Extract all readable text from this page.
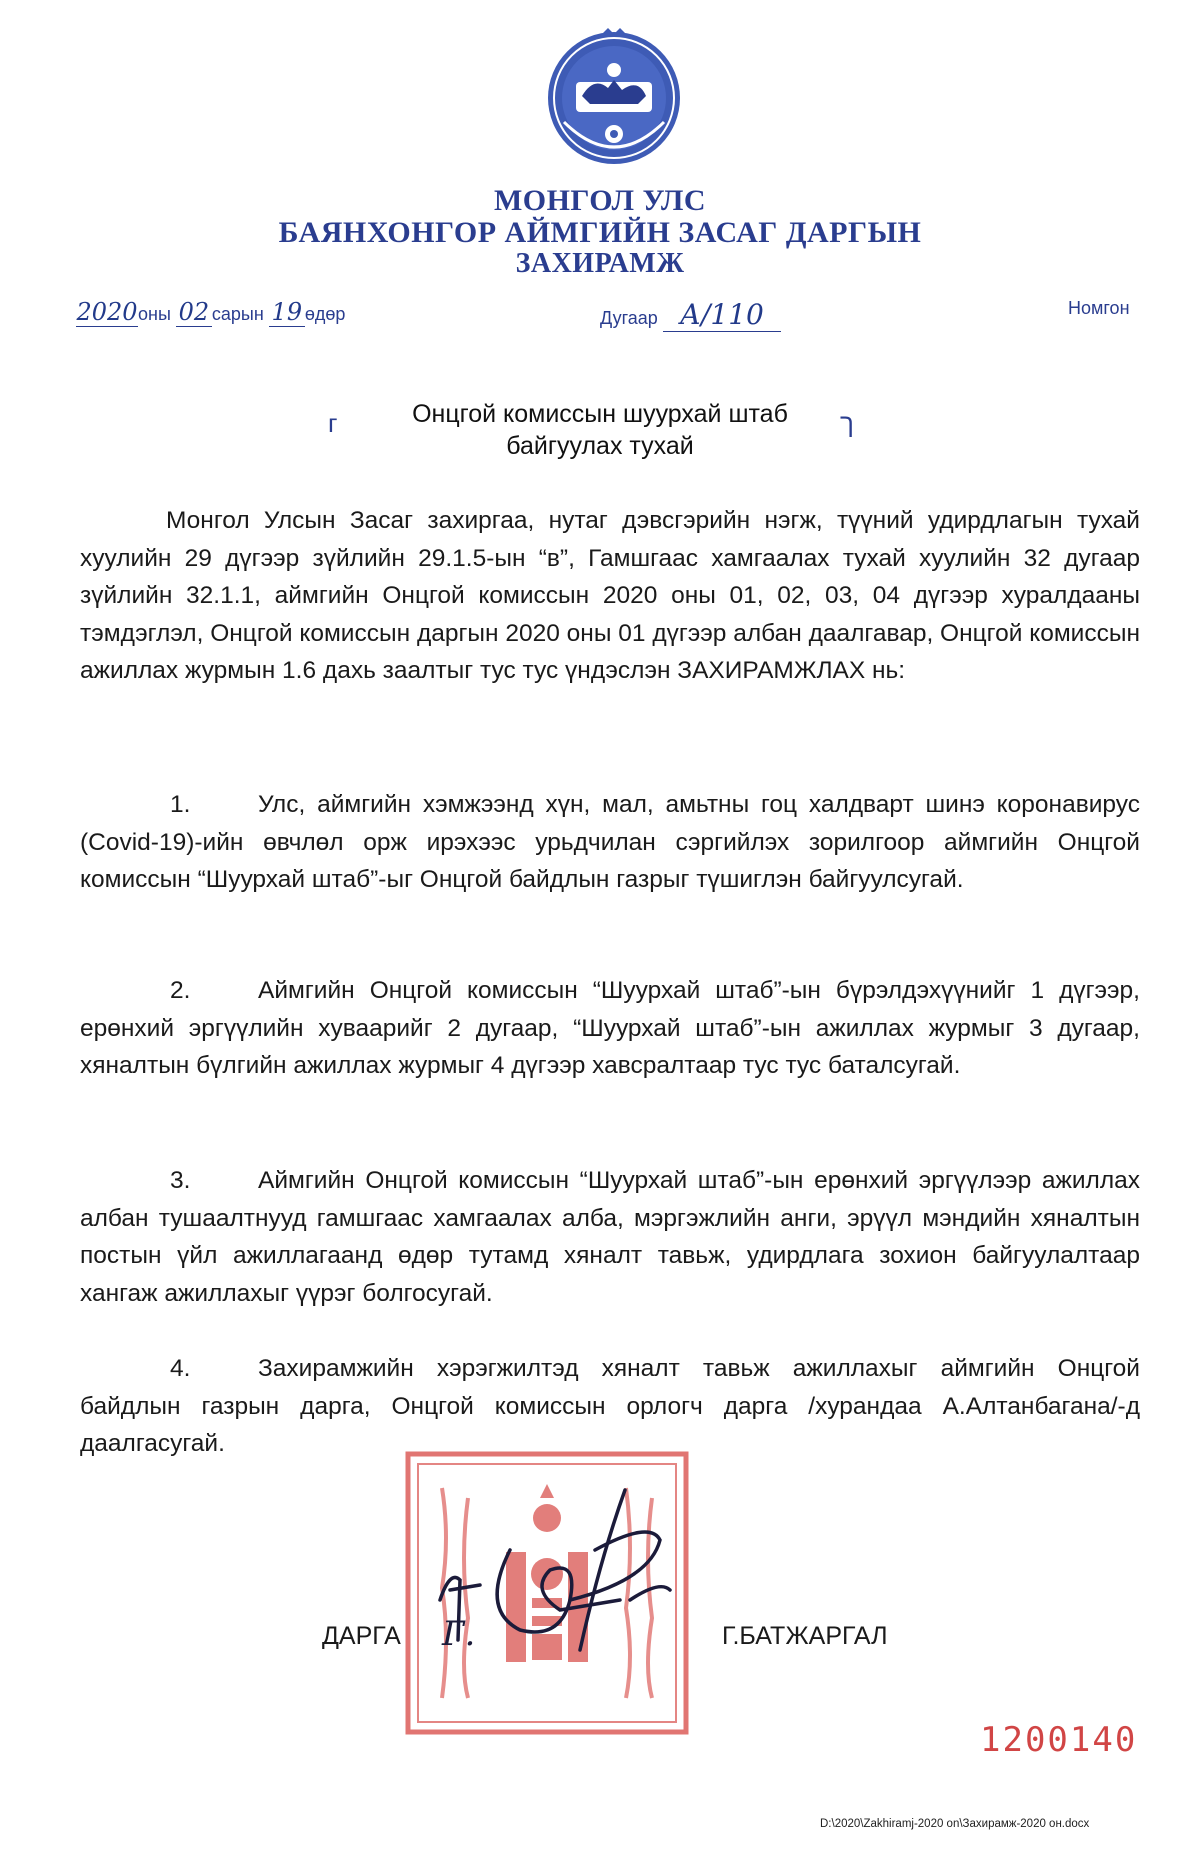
МОНГОЛ УЛС
БАЯНХОНГОР АЙМГИЙН ЗАСАГ ДАРГЫН
ЗАХИРАМЖ
2020оны 02 сарын 19 өдөр	Дугаар А/110	Номгон
г	ך
Онцгой комиссын шуурхай штаб
байгуулах тухай
Монгол Улсын Засаг захиргаа, нутаг дэвсгэрийн нэгж, түүний удирдлагын тухай хуулийн 29 дүгээр зүйлийн 29.1.5-ын “в”, Гамшгаас хамгаалах тухай хуулийн 32 дугаар зүйлийн 32.1.1, аймгийн Онцгой комиссын 2020 оны 01, 02, 03, 04 дүгээр хуралдааны тэмдэглэл, Онцгой комиссын даргын 2020 оны 01 дүгээр албан даалгавар, Онцгой комиссын ажиллах журмын 1.6 дахь заалтыг тус тус үндэслэн ЗАХИРАМЖЛАХ нь:
1.	Улс, аймгийн хэмжээнд хүн, мал, амьтны гоц халдварт шинэ коронавирус (Covid-19)-ийн өвчлөл орж ирэхээс урьдчилан сэргийлэх зорилгоор аймгийн Онцгой комиссын “Шуурхай штаб”-ыг Онцгой байдлын газрыг түшиглэн байгуулсугай.
2.	Аймгийн Онцгой комиссын “Шуурхай штаб”-ын бүрэлдэхүүнийг 1 дүгээр, ерөнхий эргүүлийн хуваарийг 2 дугаар, “Шуурхай штаб”-ын ажиллах журмыг 3 дугаар, хяналтын бүлгийн ажиллах журмыг 4 дүгээр хавсралтаар тус тус баталсугай.
3.	Аймгийн Онцгой комиссын “Шуурхай штаб”-ын ерөнхий эргүүлээр ажиллах албан тушаалтнууд гамшгаас хамгаалах алба, мэргэжлийн анги, эрүүл мэндийн хяналтын постын үйл ажиллагаанд өдөр тутамд хяналт тавьж, удирдлага зохион байгуулалтаар хангаж ажиллахыг үүрэг болгосугай.
4.	Захирамжийн хэрэгжилтэд хяналт тавьж ажиллахыг аймгийн Онцгой байдлын газрын дарга, Онцгой комиссын орлогч дарга /хурандаа А.Алтанбагана/-д даалгасугай.
Г.
ДАРГА	Г.БАТЖАРГАЛ
1200140
D:\2020\Zakhiramj-2020 on\Захирамж-2020 он.docx
